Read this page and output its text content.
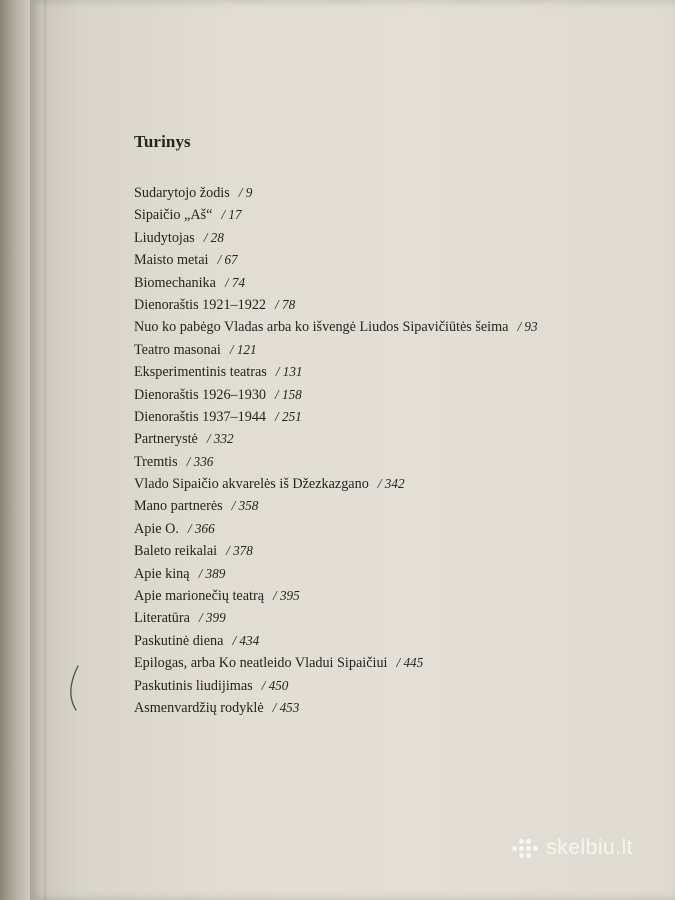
Turinys
Sudarytojo žodis / 9
Sipaičio „Aš“ / 17
Liudytojas / 28
Maisto metai / 67
Biomechanika / 74
Dienoraštis 1921–1922 / 78
Nuo ko pabėgo Vladas arba ko išvengė Liudos Sipavičiūtės šeima / 93
Teatro masonai / 121
Eksperimentinis teatras / 131
Dienoraštis 1926–1930 / 158
Dienoraštis 1937–1944 / 251
Partnerystė / 332
Tremtis / 336
Vlado Sipaičio akvarelės iš Džezkazgano / 342
Mano partnerės / 358
Apie O. / 366
Baleto reikalai / 378
Apie kiną / 389
Apie marionečių teatrą / 395
Literatūra / 399
Paskutinė diena / 434
Epilogas, arba Ko neatleido Vladui Sipaičiui / 445
Paskutinis liudijimas / 450
Asmenvardžių rodyklė / 453
skelbiu.lt
